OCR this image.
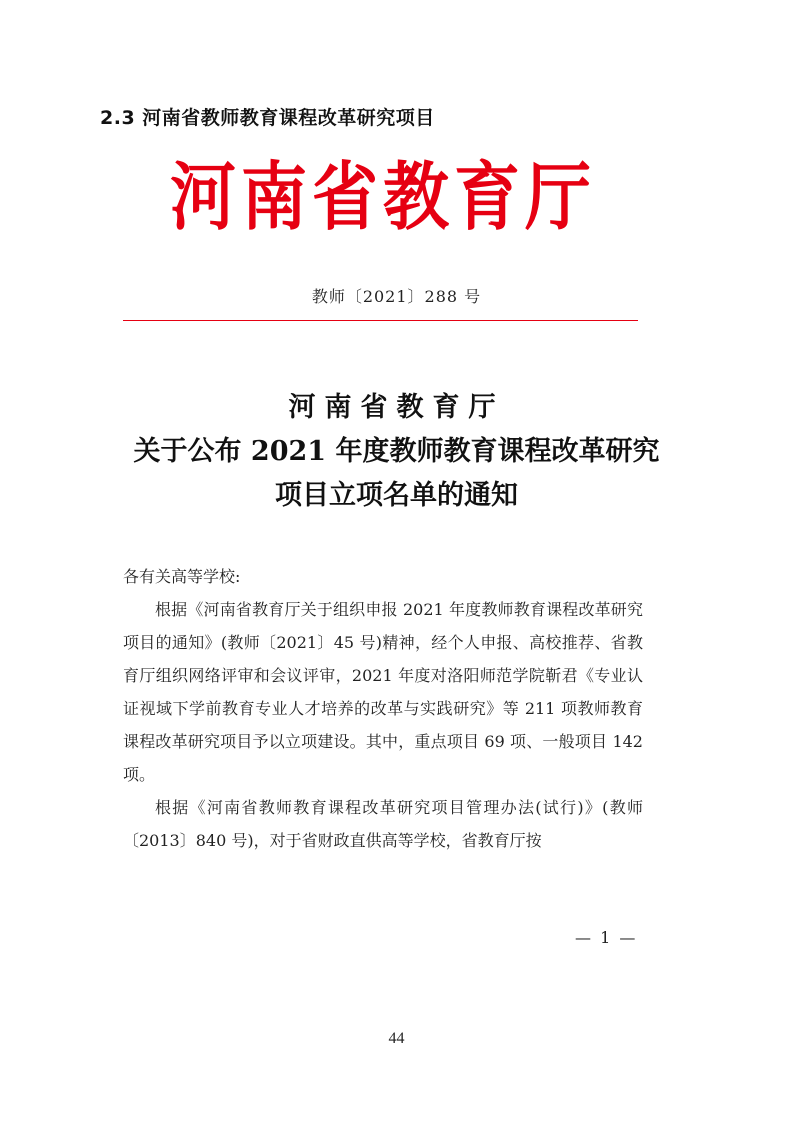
2.3 河南省教师教育课程改革研究项目
河南省教育厅
教师〔2021〕288 号
河南省教育厅
关于公布 2021 年度教师教育课程改革研究
项目立项名单的通知

各有关高等学校:

根据《河南省教育厅关于组织申报 2021 年度教师教育课程改革研究项目的通知》(教师〔2021〕45 号)精神，经个人申报、高校推荐、省教育厅组织网络评审和会议评审，2021 年度对洛阳师范学院靳君《专业认证视域下学前教育专业人才培养的改革与实践研究》等 211 项教师教育课程改革研究项目予以立项建设。其中，重点项目 69 项、一般项目 142 项。

根据《河南省教师教育课程改革研究项目管理办法(试行)》(教师〔2013〕840 号)，对于省财政直供高等学校，省教育厅按

— 1 —
44
